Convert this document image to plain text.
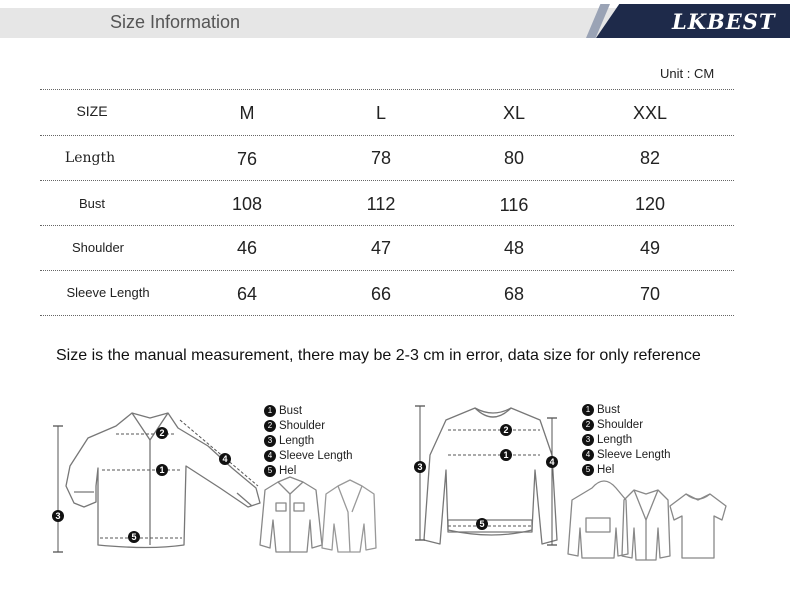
Size Information	LKBEST
Unit : CM
SIZE	M	L	XL	XXL
Length	76	78	80	82
Bust	108	112	116	120
Shoulder	46	47	48	49
Sleeve Length	64	66	68	70
Size is the manual measurement, there may be 2-3 cm in error, data size for only reference
1
2
3
4
5
1
2
3	4
5
1 Bust
2 Shoulder
3 Length
4 Sleeve Length
5 Hel
1 Bust
2 Shoulder
3 Length
4 Sleeve Length
5 Hel
